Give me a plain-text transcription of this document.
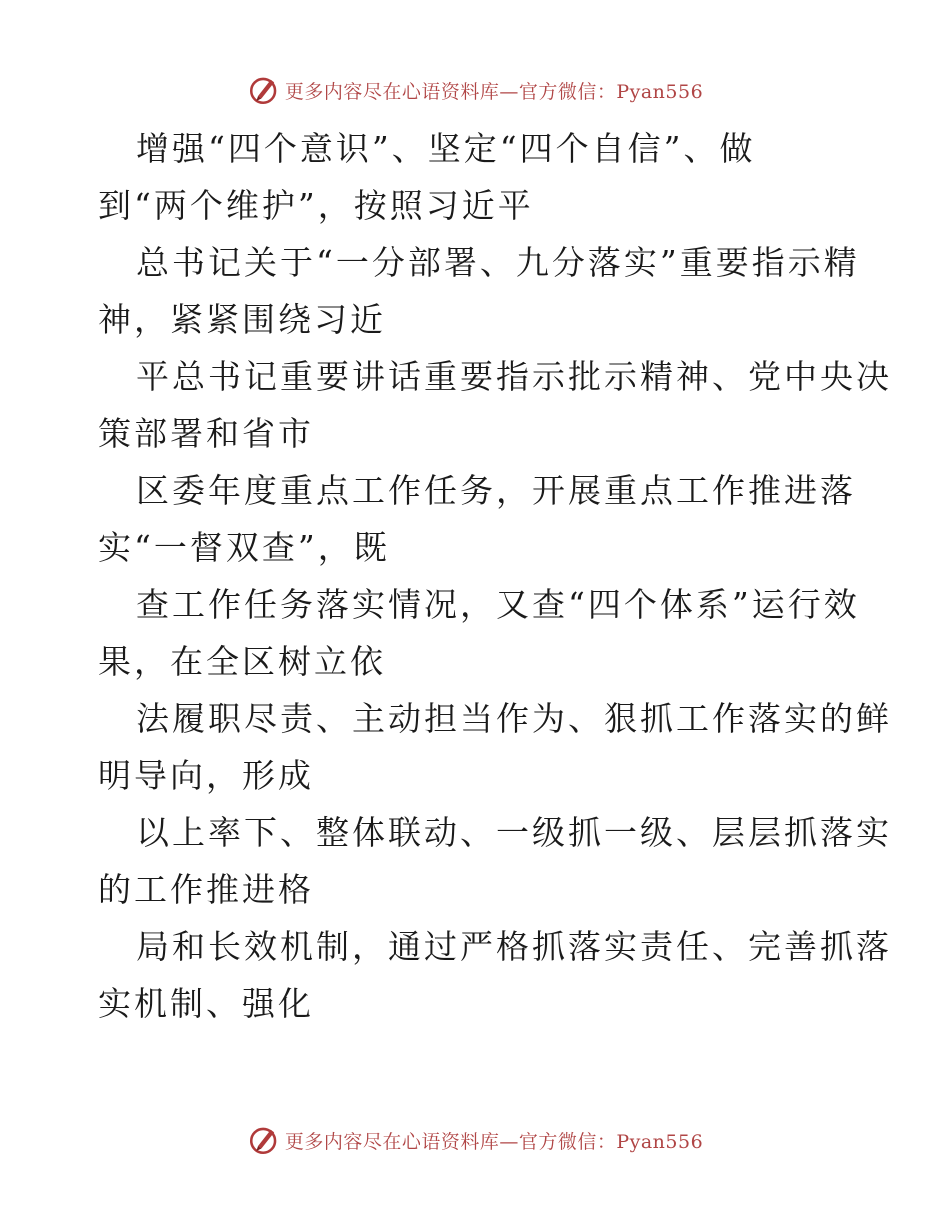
更多内容尽在心语资料库—官方微信：Pyan556

增强“四个意识”、坚定“四个自信”、做

到“两个维护”，按照习近平

总书记关于“一分部署、九分落实”重要指示精

神，紧紧围绕习近

平总书记重要讲话重要指示批示精神、党中央决

策部署和省市

区委年度重点工作任务，开展重点工作推进落

实“一督双查”，既

查工作任务落实情况，又查“四个体系”运行效

果，在全区树立依

法履职尽责、主动担当作为、狠抓工作落实的鲜

明导向，形成

以上率下、整体联动、一级抓一级、层层抓落实

的工作推进格

局和长效机制，通过严格抓落实责任、完善抓落

实机制、强化

更多内容尽在心语资料库—官方微信：Pyan556
